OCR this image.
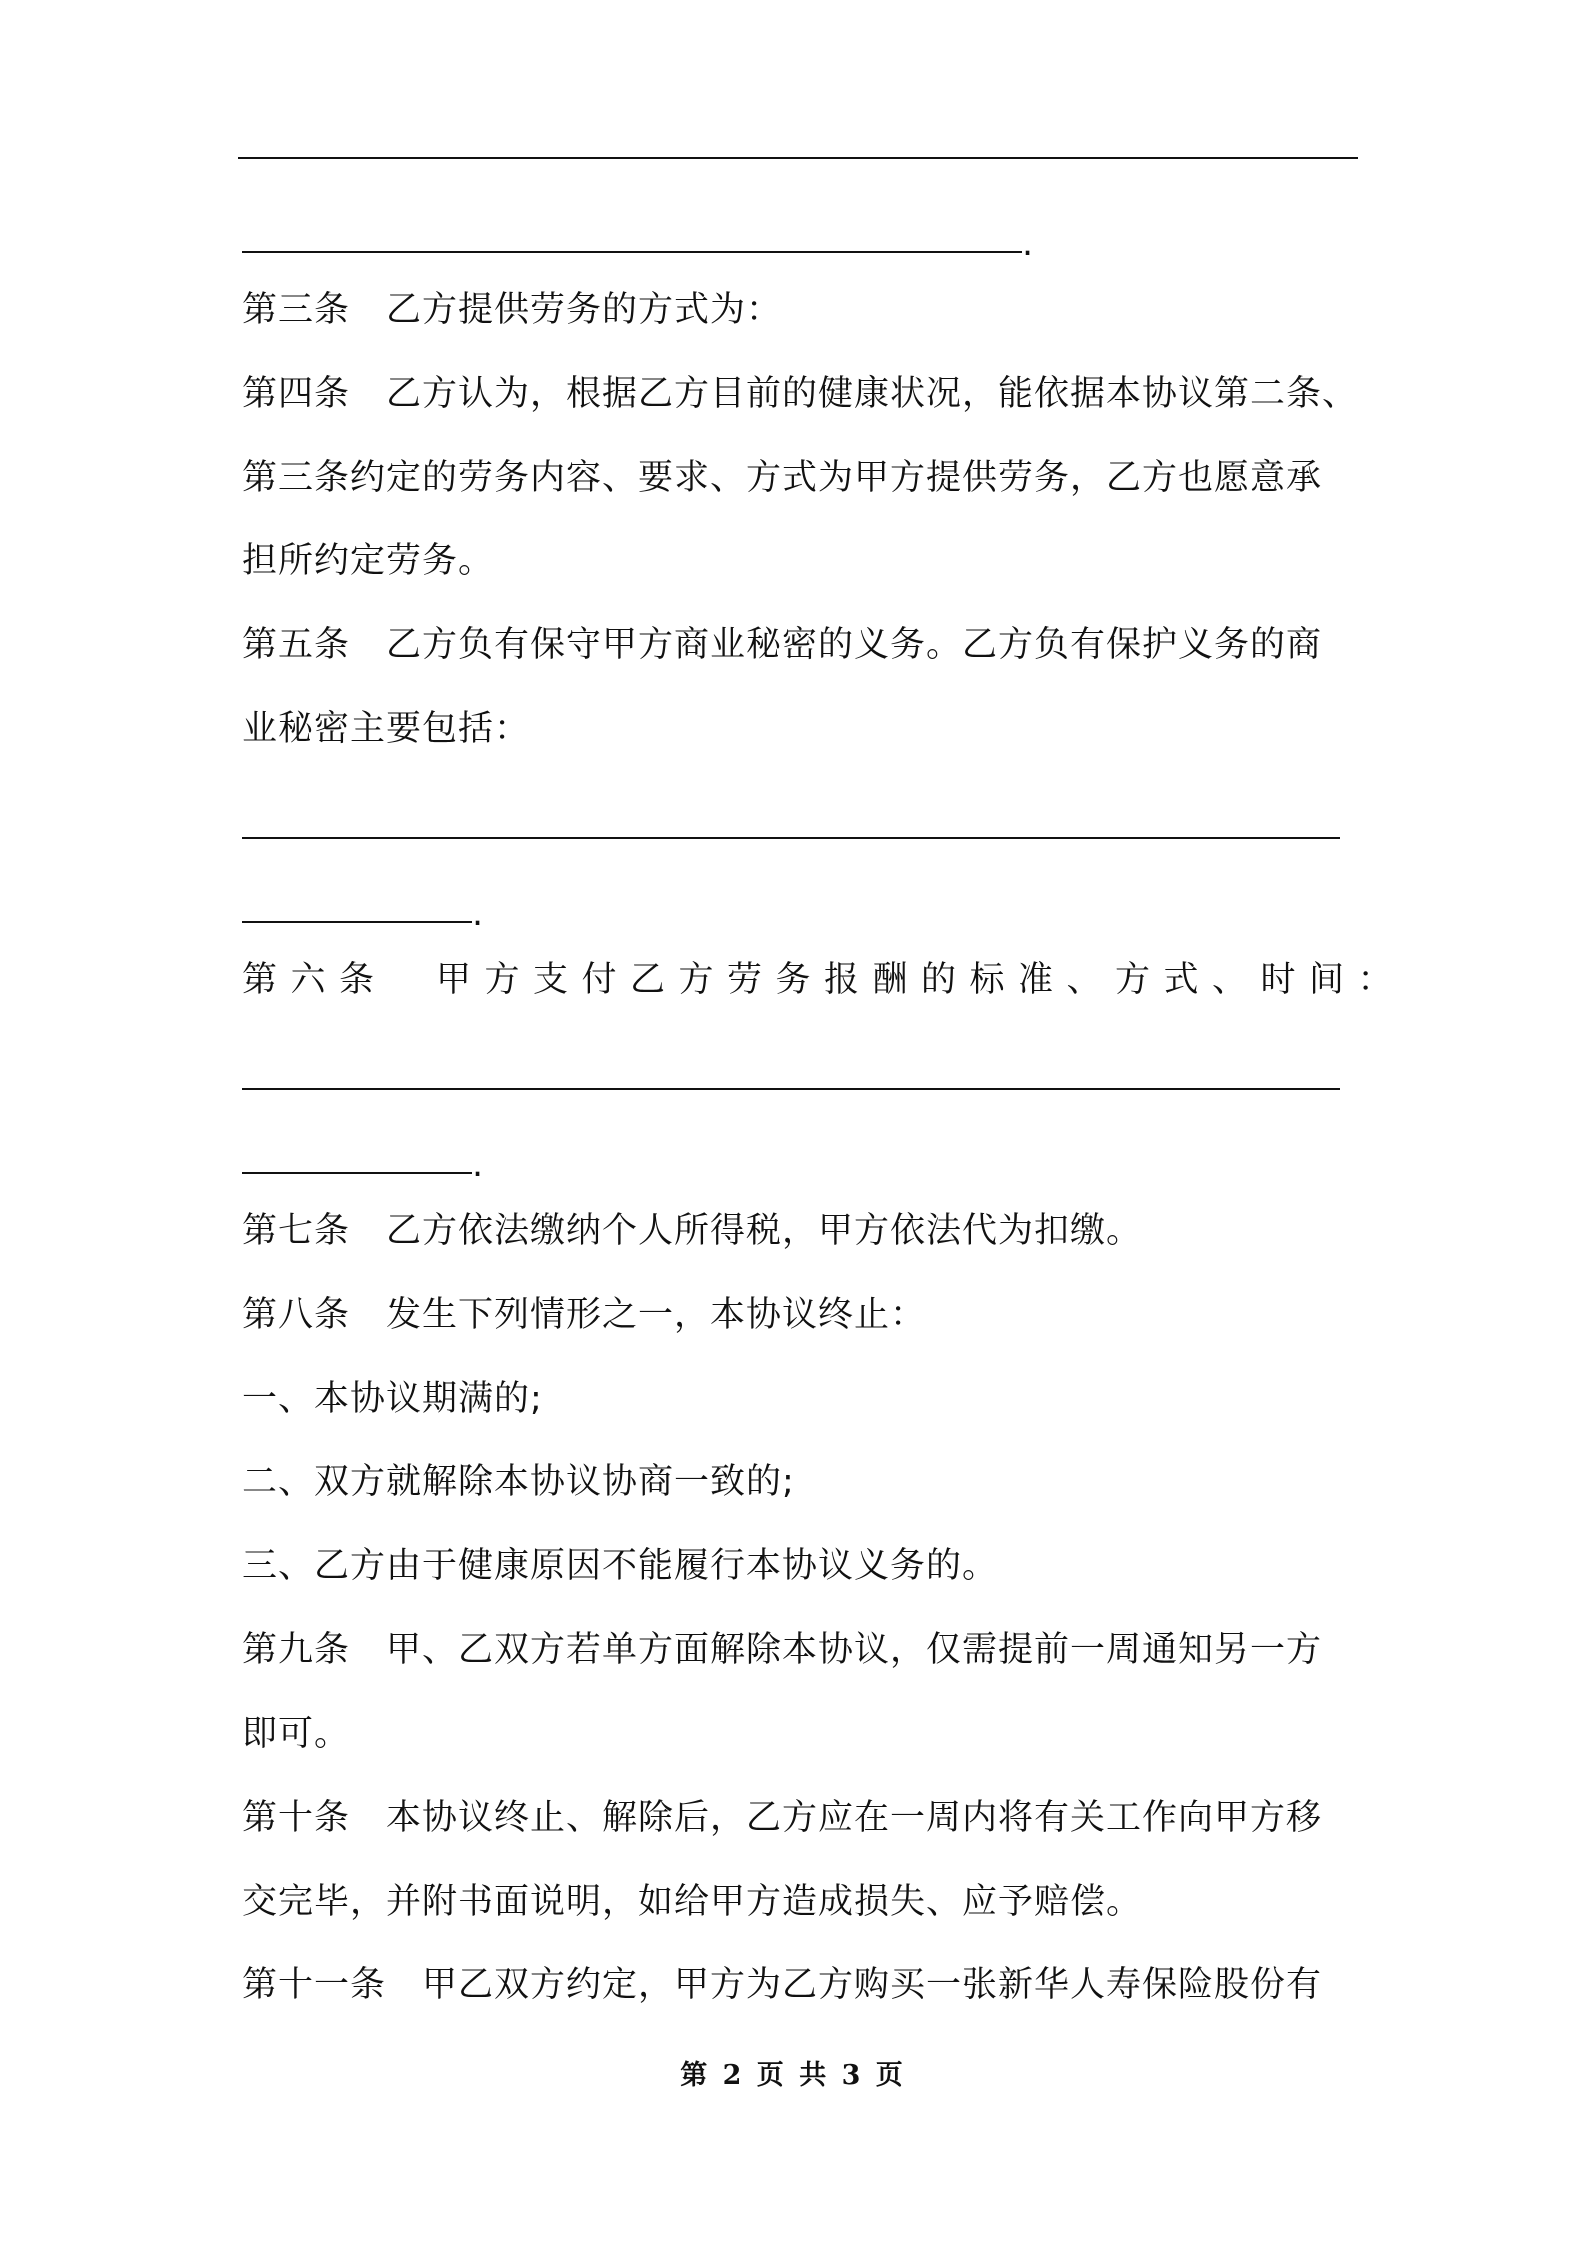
.
第三条　乙方提供劳务的方式为：
第四条　乙方认为，根据乙方目前的健康状况，能依据本协议第二条、
第三条约定的劳务内容、要求、方式为甲方提供劳务，乙方也愿意承
担所约定劳务。
第五条　乙方负有保守甲方商业秘密的义务。乙方负有保护义务的商
业秘密主要包括：
.
第六条　甲方支付乙方劳务报酬的标准、方式、时间：
.
第七条　乙方依法缴纳个人所得税，甲方依法代为扣缴。
第八条　发生下列情形之一，本协议终止：
一、本协议期满的;
二、双方就解除本协议协商一致的;
三、乙方由于健康原因不能履行本协议义务的。
第九条　甲、乙双方若单方面解除本协议，仅需提前一周通知另一方
即可。
第十条　本协议终止、解除后，乙方应在一周内将有关工作向甲方移
交完毕，并附书面说明，如给甲方造成损失、应予赔偿。
第十一条　甲乙双方约定，甲方为乙方购买一张新华人寿保险股份有
第 2 页 共 3 页
